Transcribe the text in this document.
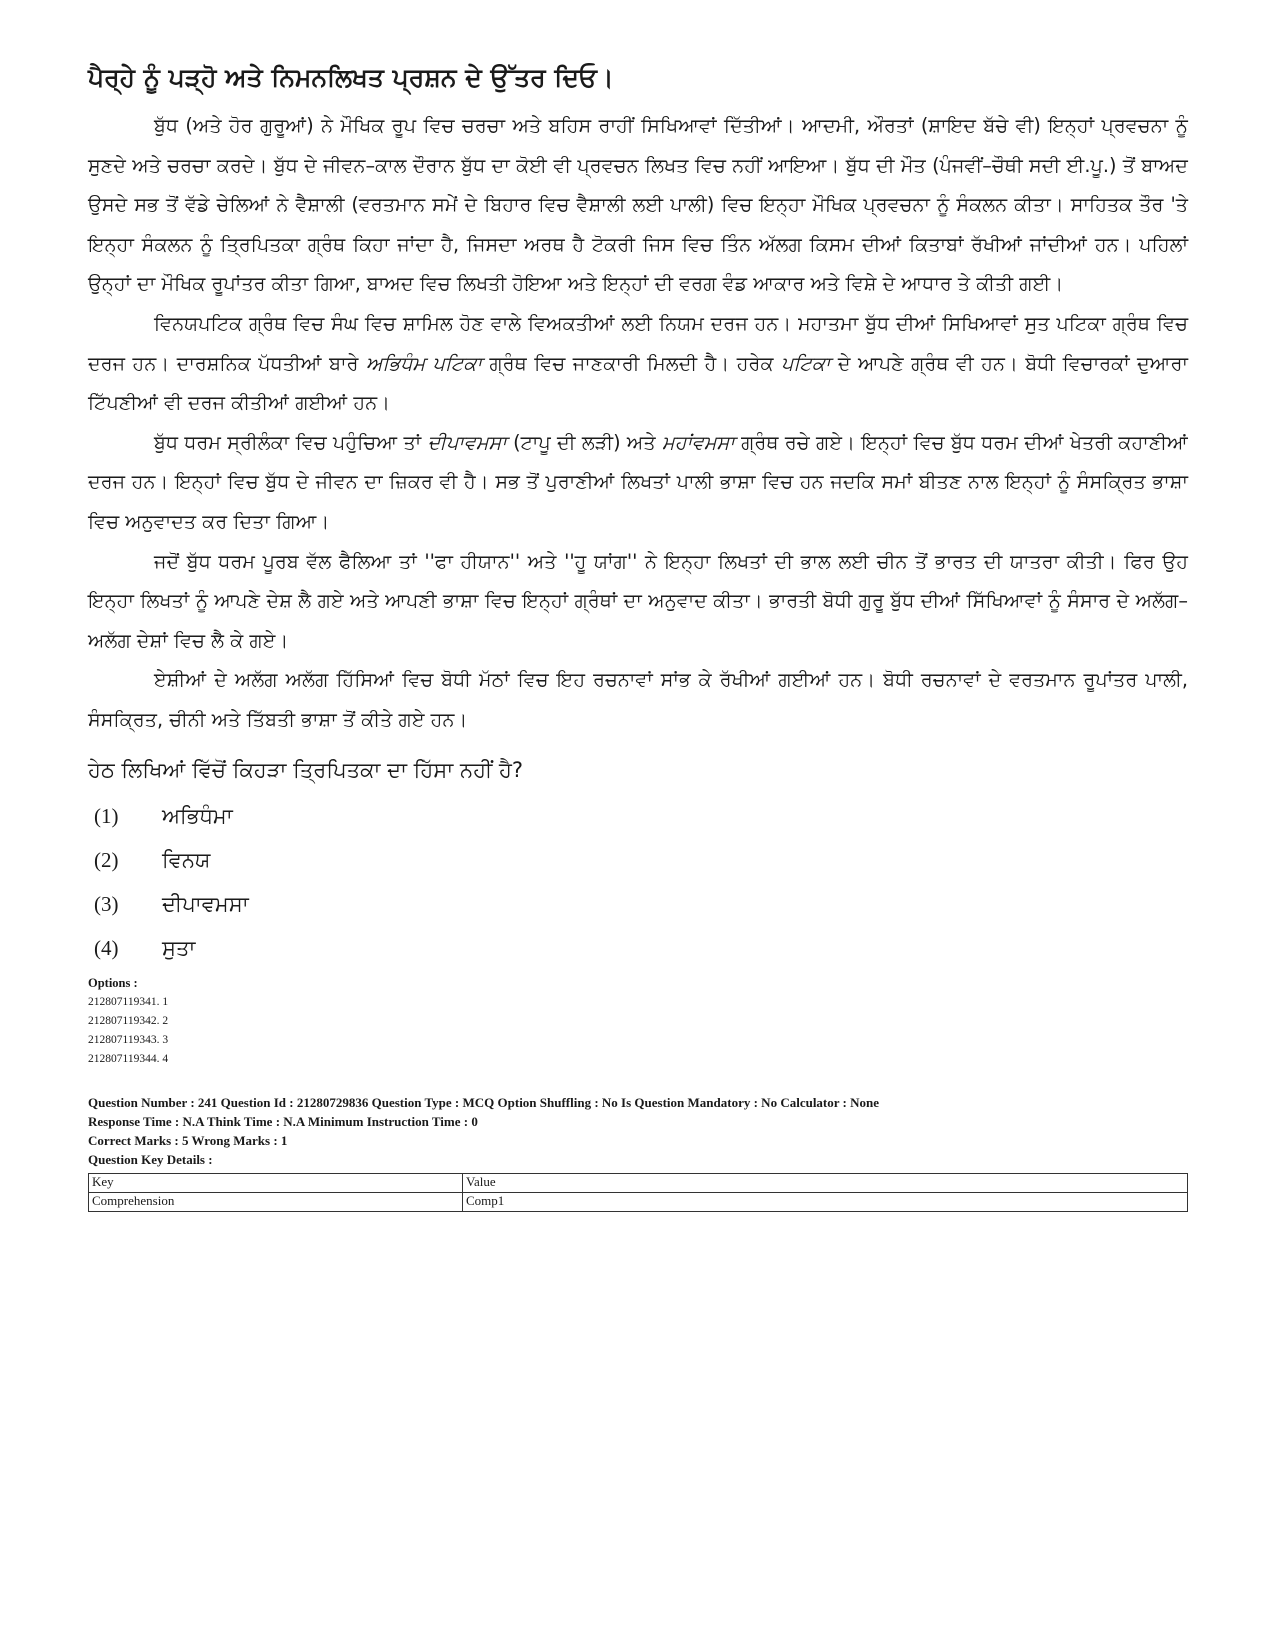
ਪੈਰ੍ਹੇ ਨੂੰ ਪੜ੍ਹੋ ਅਤੇ ਨਿਮਨਲਿਖਤ ਪ੍ਰਸ਼ਨ ਦੇ ਉੱਤਰ ਦਿਓ।

ਬੁੱਧ (ਅਤੇ ਹੋਰ ਗੁਰੂਆਂ) ਨੇ ਮੌਖਿਕ ਰੂਪ ਵਿਚ ਚਰਚਾ ਅਤੇ ਬਹਿਸ ਰਾਹੀਂ ਸਿਖਿਆਵਾਂ ਦਿੱਤੀਆਂ। ਆਦਮੀ, ਔਰਤਾਂ (ਸ਼ਾਇਦ ਬੱਚੇ ਵੀ) ਇਨ੍ਹਾਂ ਪ੍ਰਵਚਨਾ ਨੂੰ ਸੁਣਦੇ ਅਤੇ ਚਰਚਾ ਕਰਦੇ। ਬੁੱਧ ਦੇ ਜੀਵਨ–ਕਾਲ ਦੌਰਾਨ ਬੁੱਧ ਦਾ ਕੋਈ ਵੀ ਪ੍ਰਵਚਨ ਲਿਖਤ ਵਿਚ ਨਹੀਂ ਆਇਆ। ਬੁੱਧ ਦੀ ਮੌਤ (ਪੰਜਵੀਂ–ਚੌਥੀ ਸਦੀ ਈ.ਪੂ.) ਤੋਂ ਬਾਅਦ ਉਸਦੇ ਸਭ ਤੋਂ ਵੱਡੇ ਚੇਲਿਆਂ ਨੇ ਵੈਸ਼ਾਲੀ (ਵਰਤਮਾਨ ਸਮੇਂ ਦੇ ਬਿਹਾਰ ਵਿਚ ਵੈਸ਼ਾਲੀ ਲਈ ਪਾਲੀ) ਵਿਚ ਇਨ੍ਹਾ ਮੌਖਿਕ ਪ੍ਰਵਚਨਾ ਨੂੰ ਸੰਕਲਨ ਕੀਤਾ। ਸਾਹਿਤਕ ਤੌਰ 'ਤੇ ਇਨ੍ਹਾ ਸੰਕਲਨ ਨੂੰ ਤ੍ਰਿਪਿਤਕਾ ਗ੍ਰੰਥ ਕਿਹਾ ਜਾਂਦਾ ਹੈ, ਜਿਸਦਾ ਅਰਥ ਹੈ ਟੋਕਰੀ ਜਿਸ ਵਿਚ ਤਿੰਨ ਅੱਲਗ ਕਿਸਮ ਦੀਆਂ ਕਿਤਾਬਾਂ ਰੱਖੀਆਂ ਜਾਂਦੀਆਂ ਹਨ। ਪਹਿਲਾਂ ਉਨ੍ਹਾਂ ਦਾ ਮੌਖਿਕ ਰੂਪਾਂਤਰ ਕੀਤਾ ਗਿਆ, ਬਾਅਦ ਵਿਚ ਲਿਖਤੀ ਹੋਇਆ ਅਤੇ ਇਨ੍ਹਾਂ ਦੀ ਵਰਗ ਵੰਡ ਆਕਾਰ ਅਤੇ ਵਿਸ਼ੇ ਦੇ ਆਧਾਰ ਤੇ ਕੀਤੀ ਗਈ।

ਵਿਨਯਪਟਿਕ ਗ੍ਰੰਥ ਵਿਚ ਸੰਘ ਵਿਚ ਸ਼ਾਮਿਲ ਹੋਣ ਵਾਲੇ ਵਿਅਕਤੀਆਂ ਲਈ ਨਿਯਮ ਦਰਜ ਹਨ। ਮਹਾਤਮਾ ਬੁੱਧ ਦੀਆਂ ਸਿਖਿਆਵਾਂ ਸੁਤ ਪਟਿਕਾ ਗ੍ਰੰਥ ਵਿਚ ਦਰਜ ਹਨ। ਦਾਰਸ਼ਨਿਕ ਪੱਧਤੀਆਂ ਬਾਰੇ ਅਭਿਧੰਮ ਪਟਿਕਾ ਗ੍ਰੰਥ ਵਿਚ ਜਾਣਕਾਰੀ ਮਿਲਦੀ ਹੈ। ਹਰੇਕ ਪਟਿਕਾ ਦੇ ਆਪਣੇ ਗ੍ਰੰਥ ਵੀ ਹਨ। ਬੋਧੀ ਵਿਚਾਰਕਾਂ ਦੁਆਰਾ ਟਿੱਪਣੀਆਂ ਵੀ ਦਰਜ ਕੀਤੀਆਂ ਗਈਆਂ ਹਨ।

ਬੁੱਧ ਧਰਮ ਸ੍ਰੀਲੰਕਾ ਵਿਚ ਪਹੁੰਚਿਆ ਤਾਂ ਦੀਪਾਵਮਸਾ (ਟਾਪੂ ਦੀ ਲੜੀ) ਅਤੇ ਮਹਾਂਵਮਸਾ ਗ੍ਰੰਥ ਰਚੇ ਗਏ। ਇਨ੍ਹਾਂ ਵਿਚ ਬੁੱਧ ਧਰਮ ਦੀਆਂ ਖੇਤਰੀ ਕਹਾਣੀਆਂ ਦਰਜ ਹਨ। ਇਨ੍ਹਾਂ ਵਿਚ ਬੁੱਧ ਦੇ ਜੀਵਨ ਦਾ ਜ਼ਿਕਰ ਵੀ ਹੈ। ਸਭ ਤੋਂ ਪੁਰਾਣੀਆਂ ਲਿਖਤਾਂ ਪਾਲੀ ਭਾਸ਼ਾ ਵਿਚ ਹਨ ਜਦਕਿ ਸਮਾਂ ਬੀਤਣ ਨਾਲ ਇਨ੍ਹਾਂ ਨੂੰ ਸੰਸਕ੍ਰਿਤ ਭਾਸ਼ਾ ਵਿਚ ਅਨੁਵਾਦਤ ਕਰ ਦਿਤਾ ਗਿਆ।

ਜਦੋਂ ਬੁੱਧ ਧਰਮ ਪੂਰਬ ਵੱਲ ਫੈਲਿਆ ਤਾਂ ''ਫਾ ਹੀਯਾਨ'' ਅਤੇ ''ਹੂ ਯਾਂਗ'' ਨੇ ਇਨ੍ਹਾ ਲਿਖਤਾਂ ਦੀ ਭਾਲ ਲਈ ਚੀਨ ਤੋਂ ਭਾਰਤ ਦੀ ਯਾਤਰਾ ਕੀਤੀ। ਫਿਰ ਉਹ ਇਨ੍ਹਾ ਲਿਖਤਾਂ ਨੂੰ ਆਪਣੇ ਦੇਸ਼ ਲੈ ਗਏ ਅਤੇ ਆਪਣੀ ਭਾਸ਼ਾ ਵਿਚ ਇਨ੍ਹਾਂ ਗ੍ਰੰਥਾਂ ਦਾ ਅਨੁਵਾਦ ਕੀਤਾ। ਭਾਰਤੀ ਬੋਧੀ ਗੁਰੂ ਬੁੱਧ ਦੀਆਂ ਸਿੱਖਿਆਵਾਂ ਨੂੰ ਸੰਸਾਰ ਦੇ ਅਲੱਗ–ਅਲੱਗ ਦੇਸ਼ਾਂ ਵਿਚ ਲੈ ਕੇ ਗਏ।

ਏਸ਼ੀਆਂ ਦੇ ਅਲੱਗ ਅਲੱਗ ਹਿੱਸਿਆਂ ਵਿਚ ਬੋਧੀ ਮੱਠਾਂ ਵਿਚ ਇਹ ਰਚਨਾਵਾਂ ਸਾਂਭ ਕੇ ਰੱਖੀਆਂ ਗਈਆਂ ਹਨ। ਬੋਧੀ ਰਚਨਾਵਾਂ ਦੇ ਵਰਤਮਾਨ ਰੂਪਾਂਤਰ ਪਾਲੀ, ਸੰਸਕ੍ਰਿਤ, ਚੀਨੀ ਅਤੇ ਤਿੱਬਤੀ ਭਾਸ਼ਾ ਤੋਂ ਕੀਤੇ ਗਏ ਹਨ।

ਹੇਠ ਲਿਖਿਆਂ ਵਿੱਚੋਂ ਕਿਹੜਾ ਤ੍ਰਿਪਿਤਕਾ ਦਾ ਹਿੱਸਾ ਨਹੀਂ ਹੈ?
(1)	ਅਭਿਧੰਮਾ
(2)	ਵਿਨਯ
(3)	ਦੀਪਾਵਮਸਾ
(4)	ਸੁਤਾ
Options :
212807119341. 1
212807119342. 2
212807119343. 3
212807119344. 4
Question Number : 241 Question Id : 21280729836 Question Type : MCQ Option Shuffling : No Is Question Mandatory : No Calculator : None
Response Time : N.A Think Time : N.A Minimum Instruction Time : 0
Correct Marks : 5 Wrong Marks : 1
Question Key Details :
Key	Value
Comprehension	Comp1
